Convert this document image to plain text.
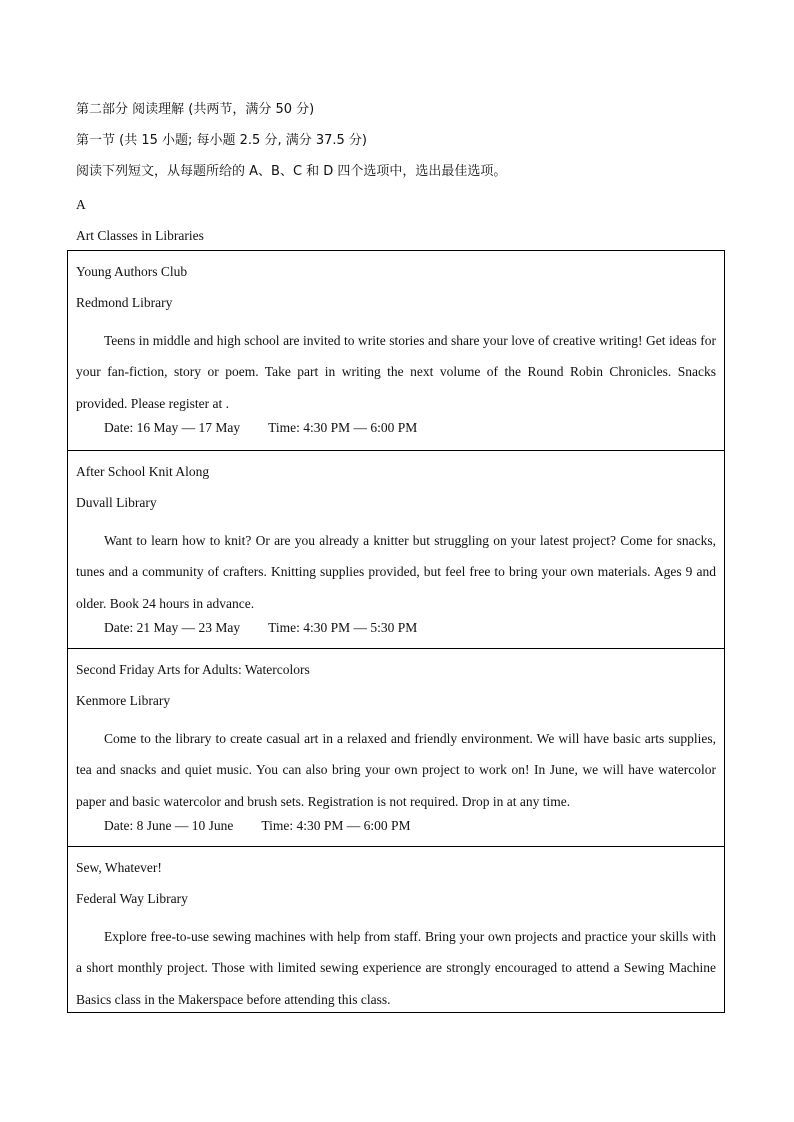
第二部分 阅读理解 (共两节，满分 50 分)
第一节 (共 15 小题; 每小题 2.5 分, 满分 37.5 分)
阅读下列短文，从每题所给的 A、B、C 和 D 四个选项中，选出最佳选项。
A
Art Classes in Libraries
Young Authors Club
Redmond Library

Teens in middle and high school are invited to write stories and share your love of creative writing! Get ideas for your fan-fiction, story or poem. Take part in writing the next volume of the Round Robin Chronicles. Snacks provided. Please register at .

Date: 16 May — 17 May Time: 4:30 PM — 6:00 PM
After School Knit Along
Duvall Library

Want to learn how to knit? Or are you already a knitter but struggling on your latest project? Come for snacks, tunes and a community of crafters. Knitting supplies provided, but feel free to bring your own materials. Ages 9 and older. Book 24 hours in advance.

Date: 21 May — 23 May Time: 4:30 PM — 5:30 PM
Second Friday Arts for Adults: Watercolors
Kenmore Library

Come to the library to create casual art in a relaxed and friendly environment. We will have basic arts supplies, tea and snacks and quiet music. You can also bring your own project to work on! In June, we will have watercolor paper and basic watercolor and brush sets. Registration is not required. Drop in at any time.

Date: 8 June — 10 June Time: 4:30 PM — 6:00 PM
Sew, Whatever!
Federal Way Library

Explore free-to-use sewing machines with help from staff. Bring your own projects and practice your skills with a short monthly project. Those with limited sewing experience are strongly encouraged to attend a Sewing Machine Basics class in the Makerspace before attending this class.
